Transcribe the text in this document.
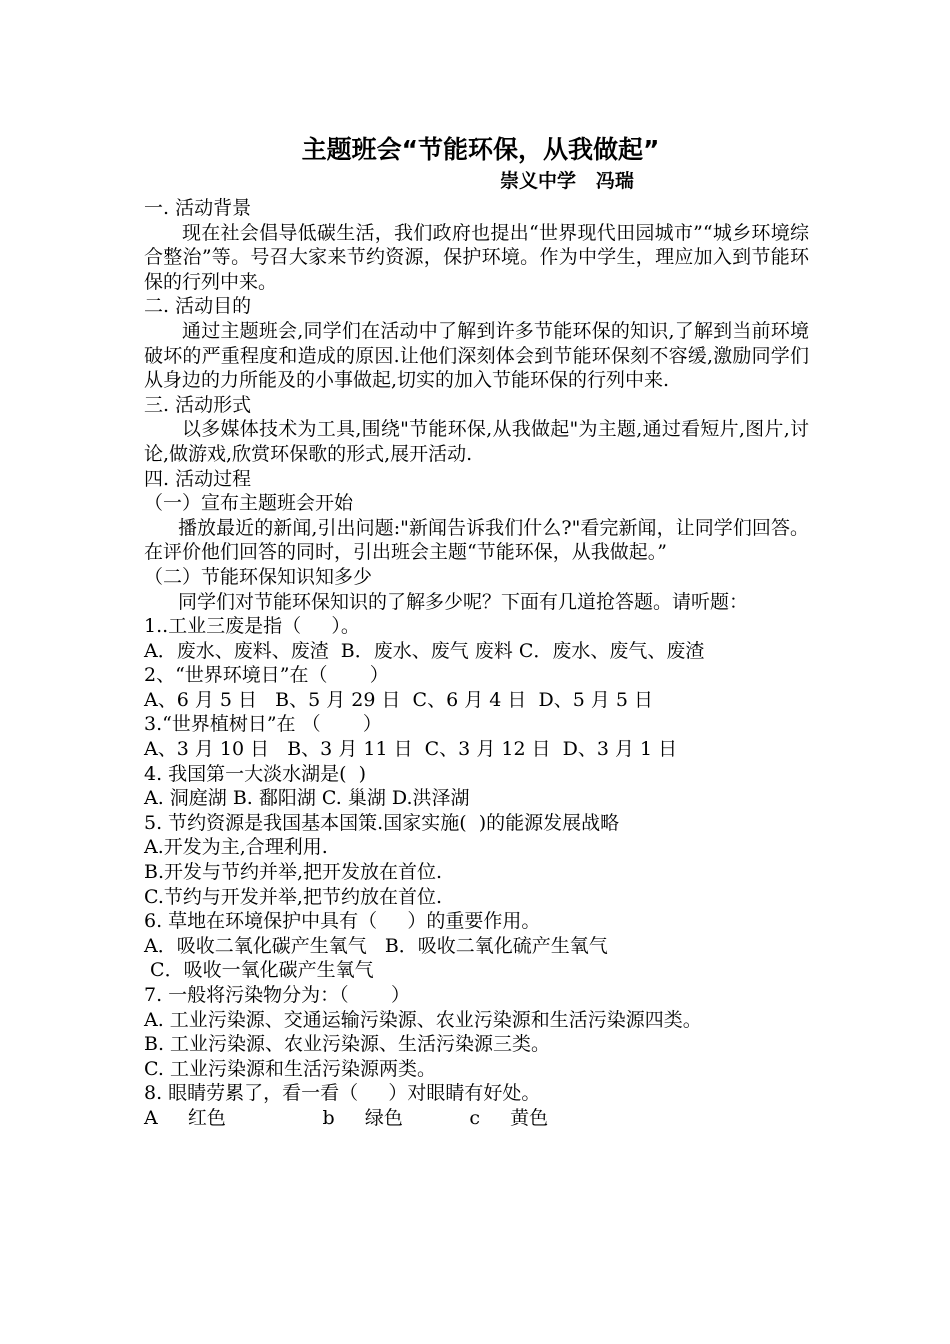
主题班会“节能环保，从我做起”
崇义中学   冯瑞

一. 活动背景

现在社会倡导低碳生活，我们政府也提出“世界现代田园城市”“城乡环境综合整治”等。号召大家来节约资源，保护环境。作为中学生，理应加入到节能环保的行列中来。

二. 活动目的

通过主题班会,同学们在活动中了解到许多节能环保的知识,了解到当前环境破坏的严重程度和造成的原因.让他们深刻体会到节能环保刻不容缓,激励同学们从身边的力所能及的小事做起,切实的加入节能环保的行列中来.

三. 活动形式

以多媒体技术为工具,围绕"节能环保,从我做起"为主题,通过看短片,图片,讨论,做游戏,欣赏环保歌的形式,展开活动.

四. 活动过程

（一）宣布主题班会开始

播放最近的新闻,引出问题:"新闻告诉我们什么?"看完新闻，让同学们回答。在评价他们回答的同时，引出班会主题“节能环保，从我做起。”

（二）节能环保知识知多少

同学们对节能环保知识的了解多少呢？下面有几道抢答题。请听题：

1..工业三废是指（     ）。

A．废水、废料、废渣  B．废水、废气 废料 C．废水、废气、废渣

2、“世界环境日”在（       ）

A、6 月 5 日   B、5 月 29 日  C、6 月 4 日  D、5 月 5 日

3.“世界植树日”在 （       ）

A、3 月 10 日   B、3 月 11 日  C、3 月 12 日  D、3 月 1 日

4. 我国第一大淡水湖是(  )

A. 洞庭湖 B. 鄱阳湖 C. 巢湖 D.洪泽湖

5. 节约资源是我国基本国策.国家实施(  )的能源发展战略

A.开发为主,合理利用.

B.开发与节约并举,把开发放在首位.

C.节约与开发并举,把节约放在首位.

6. 草地在环境保护中具有（     ）的重要作用。

A．吸收二氧化碳产生氧气   B．吸收二氧化硫产生氧气

C．吸收一氧化碳产生氧气

7. 一般将污染物分为：（       ）

A. 工业污染源、交通运输污染源、农业污染源和生活污染源四类。

B. 工业污染源、农业污染源、生活污染源三类。

C. 工业污染源和生活污染源两类。

8. 眼睛劳累了，看一看（     ）对眼睛有好处。

A     红色                b     绿色           c     黄色
